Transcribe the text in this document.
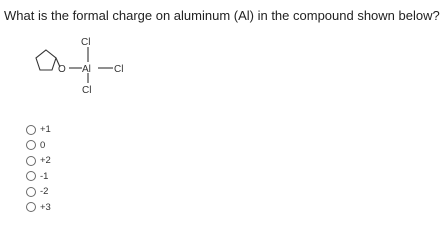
What is the formal charge on aluminum (Al) in the compound shown below?
Cl
O Al Cl
Cl
+1
0
+2
-1
-2
+3
